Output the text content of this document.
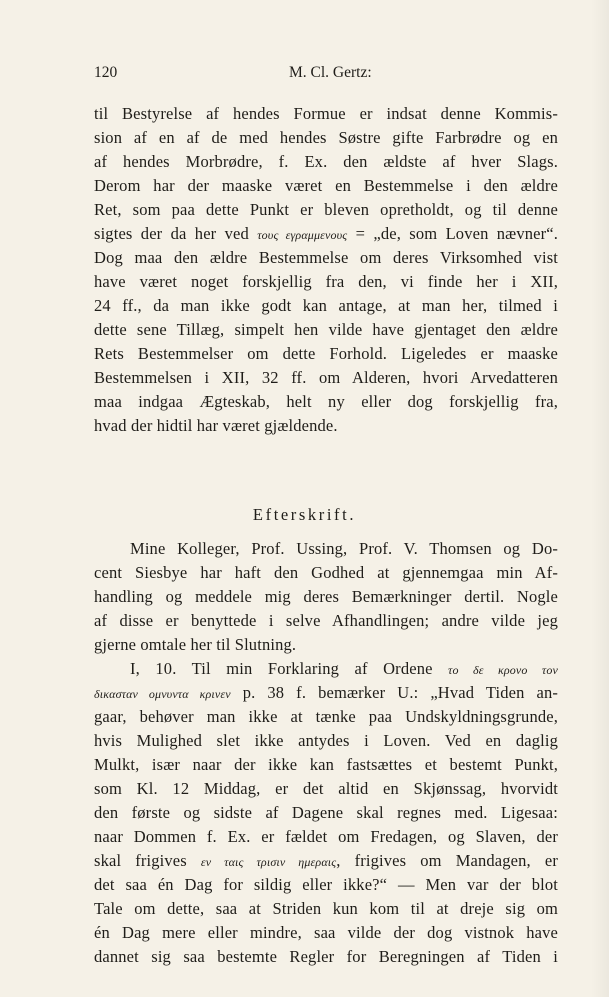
120	M. Cl. Gertz:
til Bestyrelse af hendes Formue er indsat denne Kommis-
sion af en af de med hendes Søstre gifte Farbrødre og en
af hendes Morbrødre, f. Ex. den ældste af hver Slags.
Derom har der maaske været en Bestemmelse i den ældre
Ret, som paa dette Punkt er bleven opretholdt, og til denne
sigtes der da her ved τους εγραμμενους = „de, som Loven nævner“.
Dog maa den ældre Bestemmelse om deres Virksomhed vist
have været noget forskjellig fra den, vi finde her i XII,
24 ff., da man ikke godt kan antage, at man her, tilmed i
dette sene Tillæg, simpelt hen vilde have gjentaget den ældre
Rets Bestemmelser om dette Forhold. Ligeledes er maaske
Bestemmelsen i XII, 32 ff. om Alderen, hvori Arvedatteren
maa indgaa Ægteskab, helt ny eller dog forskjellig fra,
hvad der hidtil har været gjældende.
Efterskrift.
Mine Kolleger, Prof. Ussing, Prof. V. Thomsen og Do-
cent Siesbye har haft den Godhed at gjennemgaa min Af-
handling og meddele mig deres Bemærkninger dertil. Nogle
af disse er benyttede i selve Afhandlingen; andre vilde jeg
gjerne omtale her til Slutning.
I, 10. Til min Forklaring af Ordene το δε κρονο τον
δικασταν ομνυντα κρινεν p. 38 f. bemærker U.: „Hvad Tiden an-
gaar, behøver man ikke at tænke paa Undskyldningsgrunde,
hvis Mulighed slet ikke antydes i Loven. Ved en daglig
Mulkt, især naar der ikke kan fastsættes et bestemt Punkt,
som Kl. 12 Middag, er det altid en Skjønssag, hvorvidt
den første og sidste af Dagene skal regnes med. Ligesaa:
naar Dommen f. Ex. er fældet om Fredagen, og Slaven, der
skal frigives εν ταις τρισιν ημεραις, frigives om Mandagen, er
det saa én Dag for sildig eller ikke?“ — Men var der blot
Tale om dette, saa at Striden kun kom til at dreje sig om
én Dag mere eller mindre, saa vilde der dog vistnok have
dannet sig saa bestemte Regler for Beregningen af Tiden i
